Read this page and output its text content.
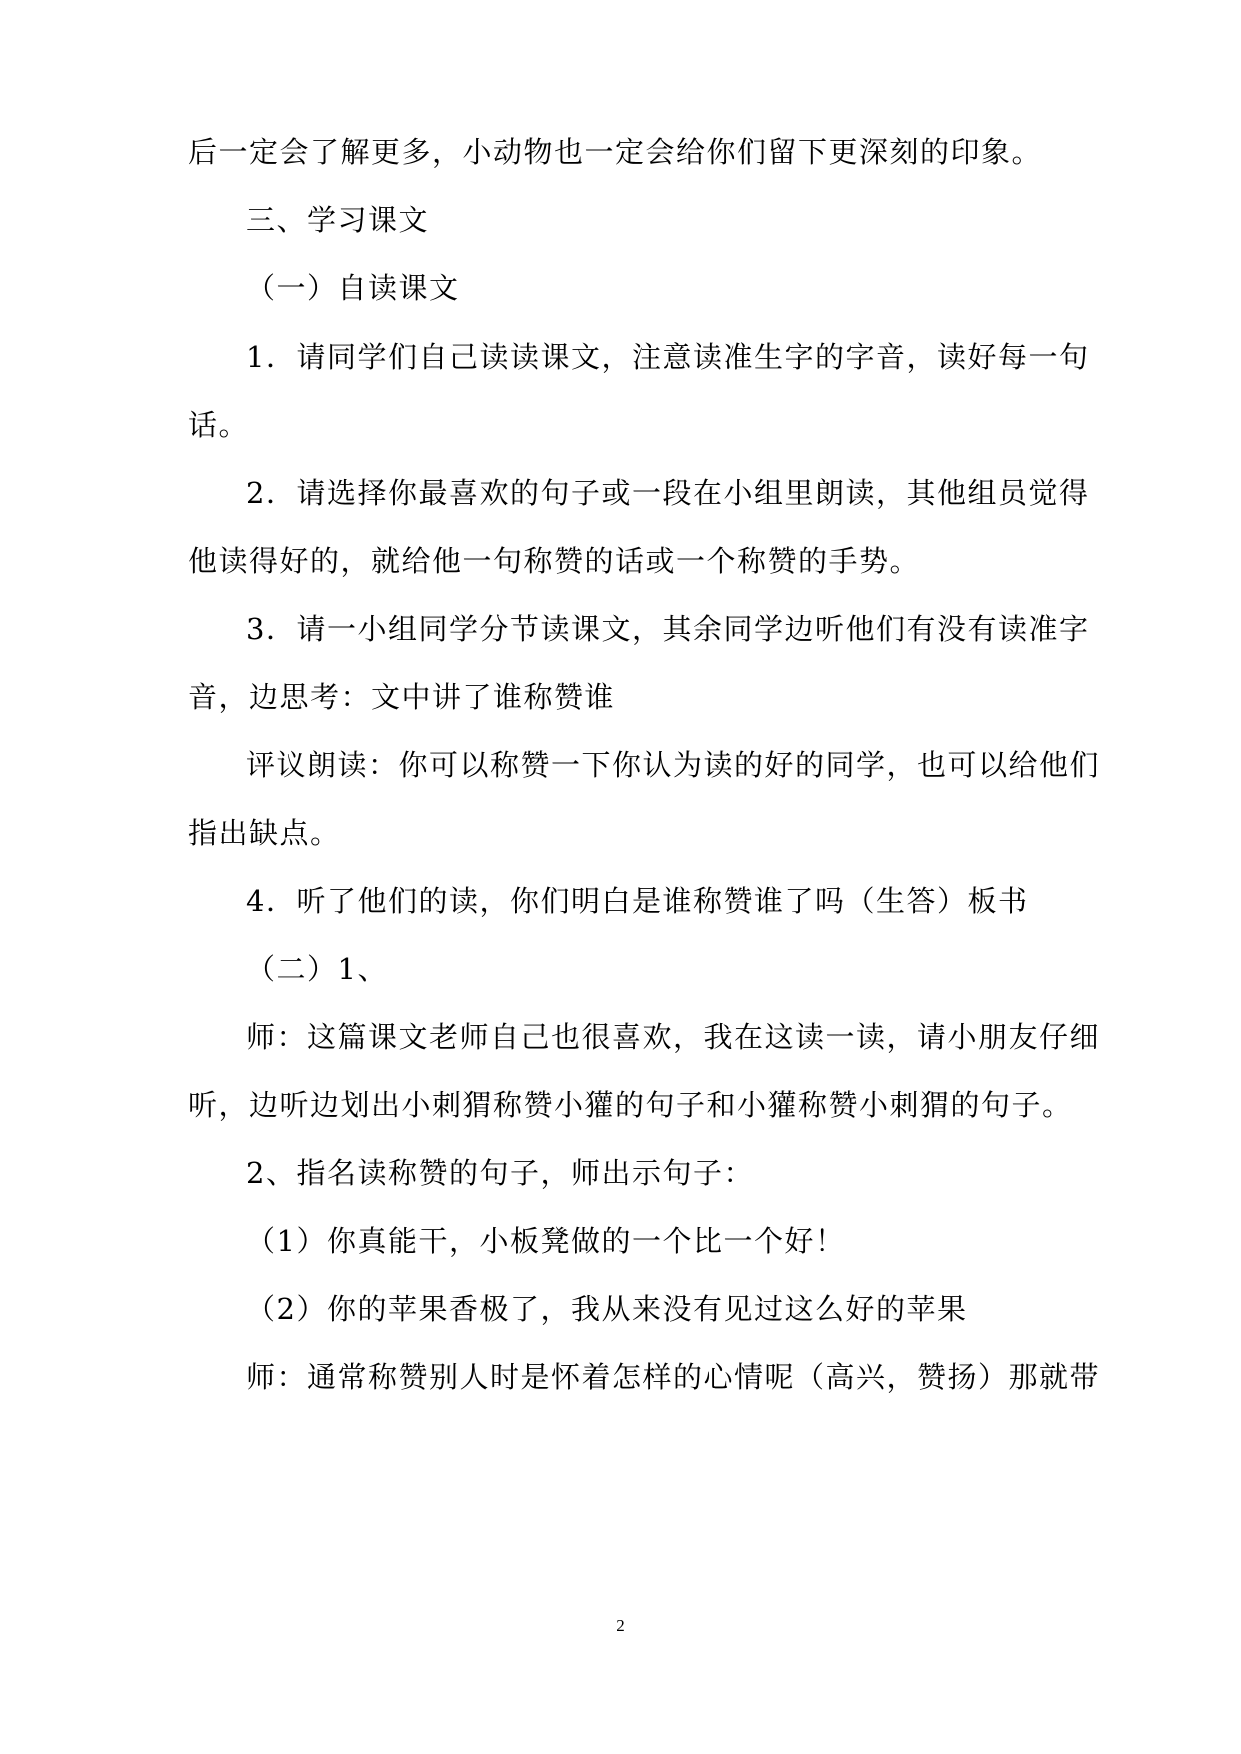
后一定会了解更多，小动物也一定会给你们留下更深刻的印象。
三、学习课文
（一）自读课文
1．请同学们自己读读课文，注意读准生字的字音，读好每一句
话。
2．请选择你最喜欢的句子或一段在小组里朗读，其他组员觉得
他读得好的，就给他一句称赞的话或一个称赞的手势。
3．请一小组同学分节读课文，其余同学边听他们有没有读准字
音，边思考：文中讲了谁称赞谁
评议朗读：你可以称赞一下你认为读的好的同学，也可以给他们
指出缺点。
4．听了他们的读，你们明白是谁称赞谁了吗（生答）板书
（二）1、
师：这篇课文老师自己也很喜欢，我在这读一读，请小朋友仔细
听，边听边划出小刺猬称赞小獾的句子和小獾称赞小刺猬的句子。
2、指名读称赞的句子，师出示句子：
（1）你真能干，小板凳做的一个比一个好！
（2）你的苹果香极了，我从来没有见过这么好的苹果
师：通常称赞别人时是怀着怎样的心情呢（高兴，赞扬）那就带
2
